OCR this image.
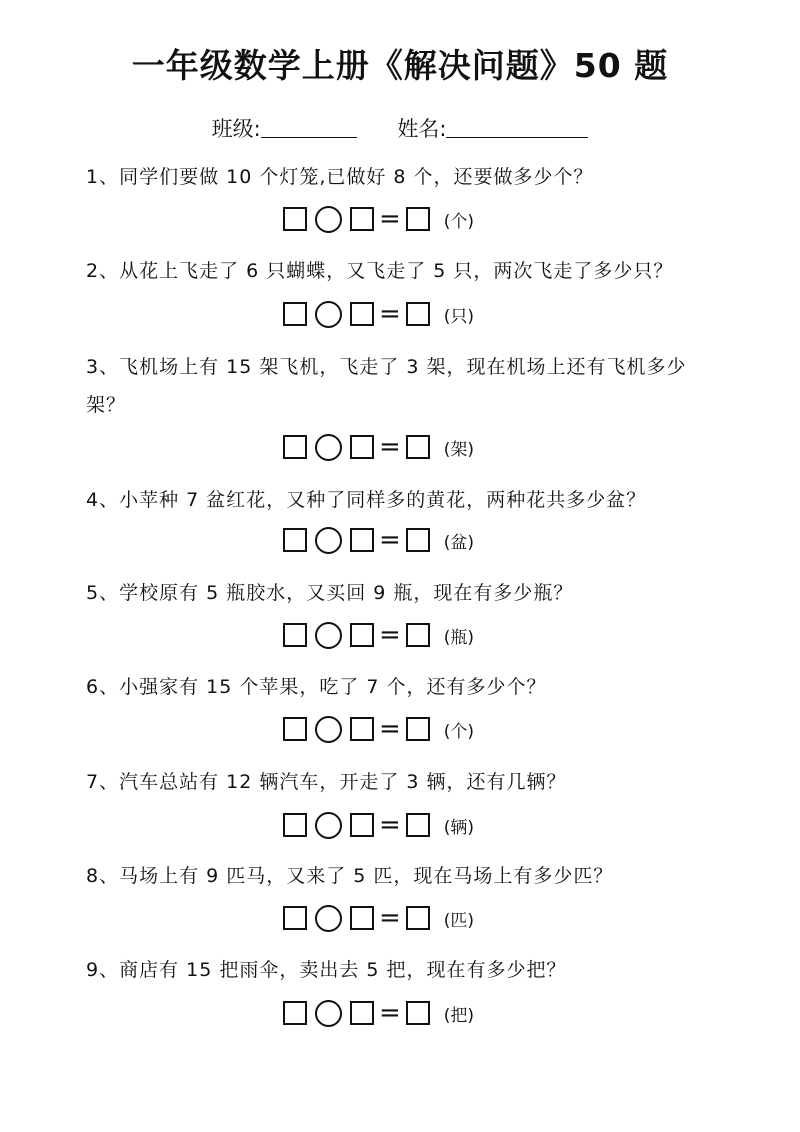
一年级数学上册《解决问题》50 题
班级:	姓名:
1、同学们要做 10 个灯笼,已做好 8 个，还要做多少个？
=	(个)
2、从花上飞走了 6 只蝴蝶，又飞走了 5 只，两次飞走了多少只？
=	(只)
3、飞机场上有 15 架飞机，飞走了 3 架，现在机场上还有飞机多少架？
=	(架)
4、小苹种 7 盆红花，又种了同样多的黄花，两种花共多少盆？
=	(盆)
5、学校原有 5 瓶胶水，又买回 9 瓶，现在有多少瓶？
=	(瓶)
6、小强家有 15 个苹果，吃了 7 个，还有多少个？
=	(个)
7、汽车总站有 12 辆汽车，开走了 3 辆，还有几辆？
=	(辆)
8、马场上有 9 匹马，又来了 5 匹，现在马场上有多少匹？
=	(匹)
9、商店有 15 把雨伞，卖出去 5 把，现在有多少把？
=	(把)
